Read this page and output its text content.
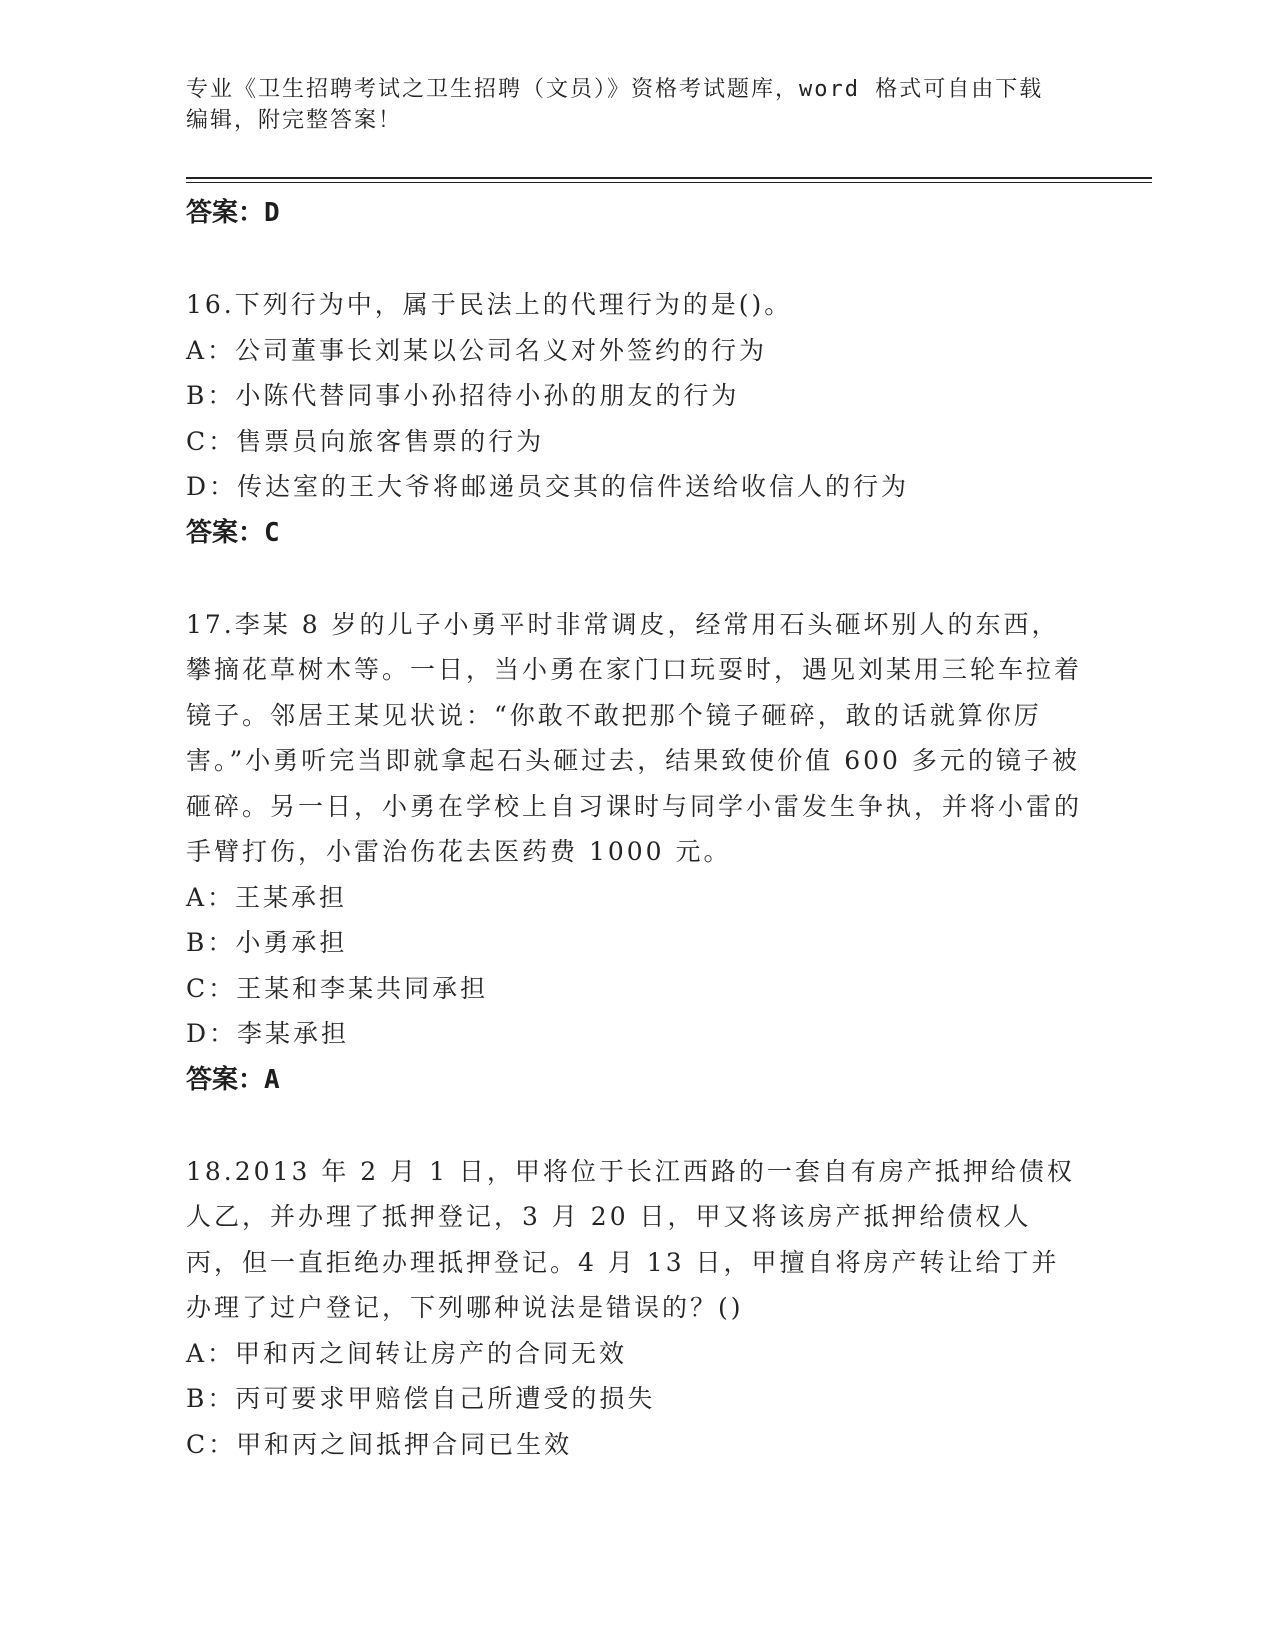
专业《卫生招聘考试之卫生招聘（文员）》资格考试题库，word 格式可自由下载
编辑，附完整答案！
答案：D
16.下列行为中，属于民法上的代理行为的是()。
A：公司董事长刘某以公司名义对外签约的行为
B：小陈代替同事小孙招待小孙的朋友的行为
C：售票员向旅客售票的行为
D：传达室的王大爷将邮递员交其的信件送给收信人的行为
答案：C
17.李某 8 岁的儿子小勇平时非常调皮，经常用石头砸坏别人的东西，攀摘花草树木等。一日，当小勇在家门口玩耍时，遇见刘某用三轮车拉着镜子。邻居王某见状说：“你敢不敢把那个镜子砸碎，敢的话就算你厉害。”小勇听完当即就拿起石头砸过去，结果致使价值 600 多元的镜子被砸碎。另一日，小勇在学校上自习课时与同学小雷发生争执，并将小雷的手臂打伤，小雷治伤花去医药费 1000 元。
A：王某承担
B：小勇承担
C：王某和李某共同承担
D：李某承担
答案：A
18.2013 年 2 月 1 日，甲将位于长江西路的一套自有房产抵押给债权人乙，并办理了抵押登记，3 月 20 日，甲又将该房产抵押给债权人丙，但一直拒绝办理抵押登记。4 月 13 日，甲擅自将房产转让给丁并办理了过户登记，下列哪种说法是错误的？()
A：甲和丙之间转让房产的合同无效
B：丙可要求甲赔偿自己所遭受的损失
C：甲和丙之间抵押合同已生效
